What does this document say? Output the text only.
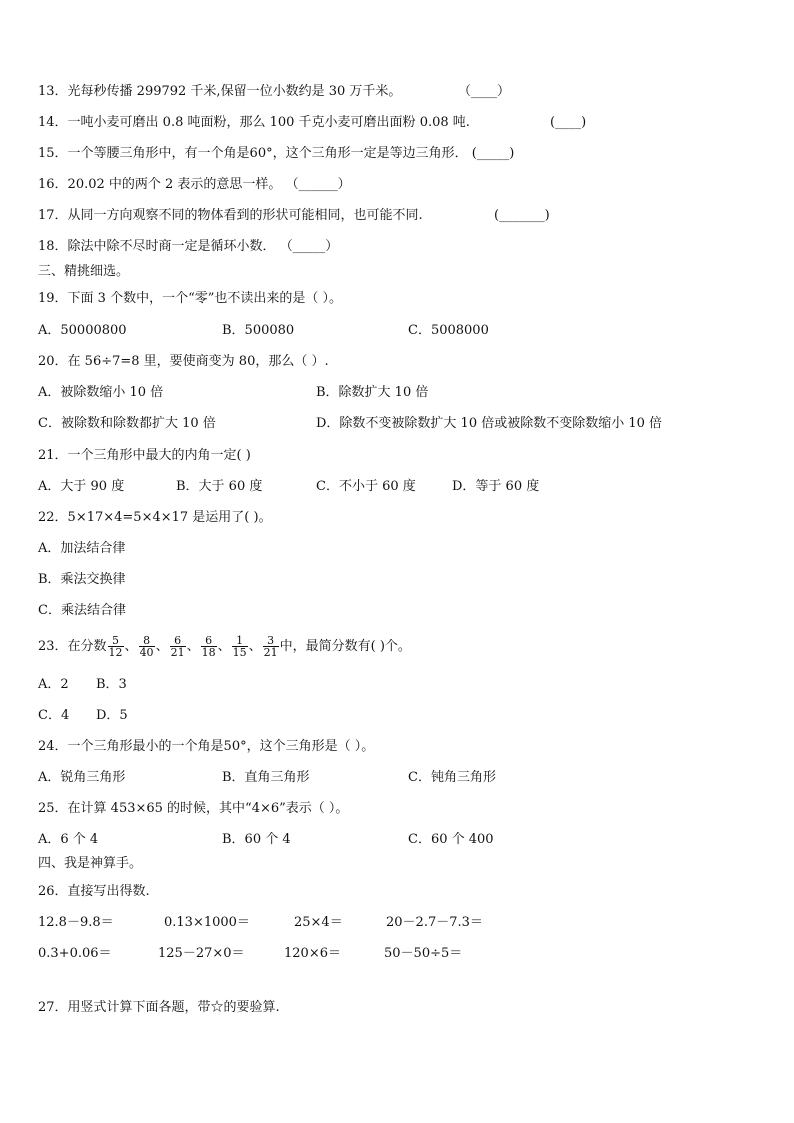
13．光每秒传播 299792 千米,保留一位小数约是 30 万千米。	（____）
14．一吨小麦可磨出 0.8 吨面粉，那么 100 千克小麦可磨出面粉 0.08 吨.	(____)
15．一个等腰三角形中，有一个角是60°，这个三角形一定是等边三角形． (_____)
16．20.02 中的两个 2 表示的意思一样。 （______）
17．从同一方向观察不同的物体看到的形状可能相同，也可能不同.	(_______)
18．除法中除不尽时商一定是循环小数． （_____）
三、精挑细选。
19．下面 3 个数中，一个“零”也不读出来的是（ ）。
A．50000800	B．500080	C．5008000
20．在 56÷7=8 里，要使商变为 80，那么（ ）.
A．被除数缩小 10 倍	B．除数扩大 10 倍
C．被除数和除数都扩大 10 倍	D．除数不变被除数扩大 10 倍或被除数不变除数缩小 10 倍
21．一个三角形中最大的内角一定( )
A．大于 90 度	B．大于 60 度	C．不小于 60 度	D．等于 60 度
22．5×17×4=5×4×17 是运用了( )。
A．加法结合律
B．乘法交换律
C．乘法结合律
23．在分数 $\frac{5}{12}$ 、 $\frac{8}{40}$ 、 $\frac{6}{21}$ 、 $\frac{6}{18}$ 、 $\frac{1}{15}$ 、 $\frac{3}{21}$ 中，最简分数有( )个。
A．2 B．3
C．4 D．5
24．一个三角形最小的一个角是50°，这个三角形是（ ）。
A．锐角三角形	B．直角三角形	C．钝角三角形
25．在计算 453×65 的时候，其中“4×6”表示（ ）。
A．6 个 4	B．60 个 4	C．60 个 400
四、我是神算手。
26．直接写出得数.
12.8－9.8＝	0.13×1000＝	25×4＝	20－2.7－7.3＝
0.3+0.06＝	125－27×0＝	120×6＝	50－50÷5＝
27．用竖式计算下面各题，带☆的要验算.
